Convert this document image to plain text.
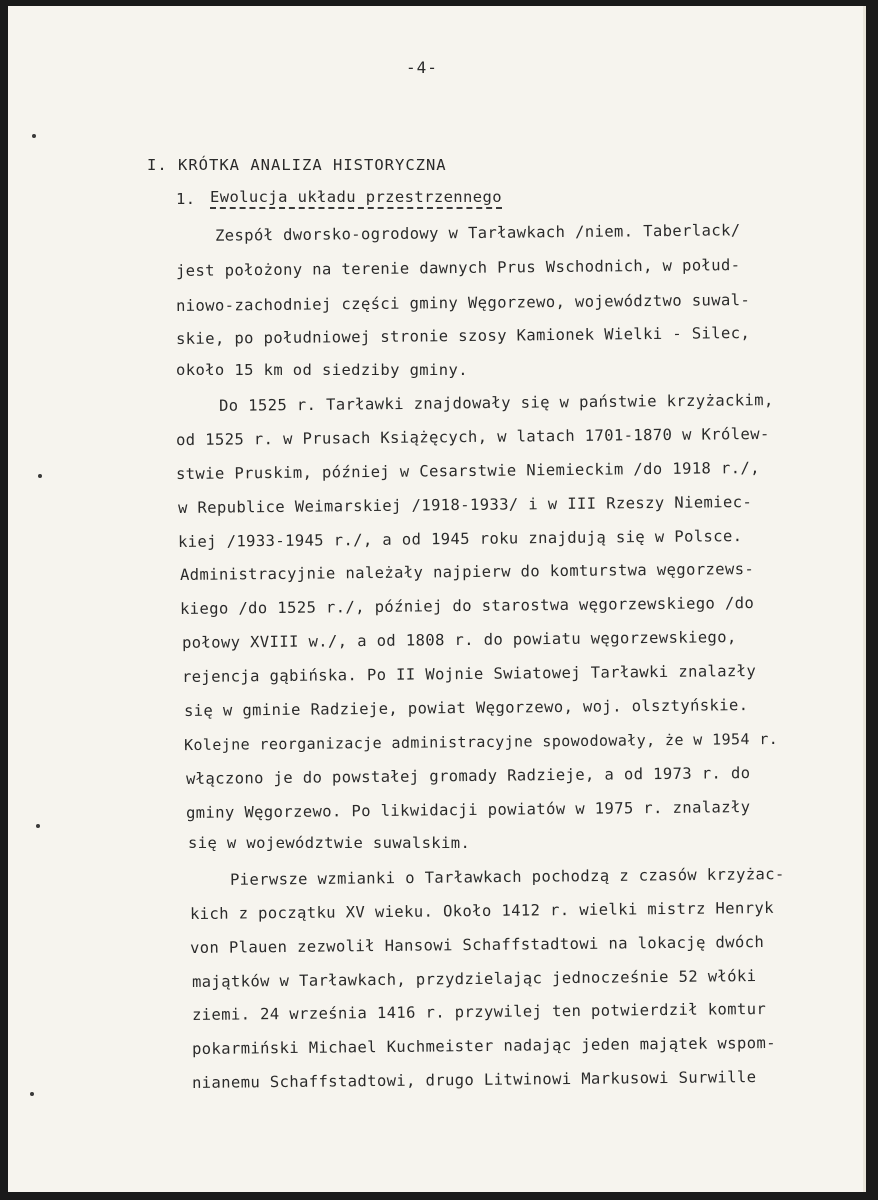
-4-
I. KRÓTKA ANALIZA HISTORYCZNA
1. Ewolucja układu przestrzennego
Zespół dworsko-ogrodowy w Tarławkach /niem. Taberlack/
jest położony na terenie dawnych Prus Wschodnich, w połud-
niowo-zachodniej części gminy Węgorzewo, województwo suwal-
skie, po południowej stronie szosy Kamionek Wielki - Silec,
około 15 km od siedziby gminy.
Do 1525 r. Tarławki znajdowały się w państwie krzyżackim,
od 1525 r. w Prusach Książęcych, w latach 1701-1870 w Królew-
stwie Pruskim, później w Cesarstwie Niemieckim /do 1918 r./,
w Republice Weimarskiej /1918-1933/ i w III Rzeszy Niemiec-
kiej /1933-1945 r./, a od 1945 roku znajdują się w Polsce.
Administracyjnie należały najpierw do komturstwa węgorzews-
kiego /do 1525 r./, później do starostwa węgorzewskiego /do
połowy XVIII w./, a od 1808 r. do powiatu węgorzewskiego,
rejencja gąbińska. Po II Wojnie Swiatowej Tarławki znalazły
się w gminie Radzieje, powiat Węgorzewo, woj. olsztyńskie.
Kolejne reorganizacje administracyjne spowodowały, że w 1954 r.
włączono je do powstałej gromady Radzieje, a od 1973 r. do
gminy Węgorzewo. Po likwidacji powiatów w 1975 r. znalazły
się w województwie suwalskim.
Pierwsze wzmianki o Tarławkach pochodzą z czasów krzyżac-
kich z początku XV wieku. Około 1412 r. wielki mistrz Henryk
von Plauen zezwolił Hansowi Schaffstadtowi na lokację dwóch
majątków w Tarławkach, przydzielając jednocześnie 52 włóki
ziemi. 24 września 1416 r. przywilej ten potwierdził komtur
pokarmiński Michael Kuchmeister nadając jeden majątek wspom-
nianemu Schaffstadtowi, drugo Litwinowi Markusowi Surwille
